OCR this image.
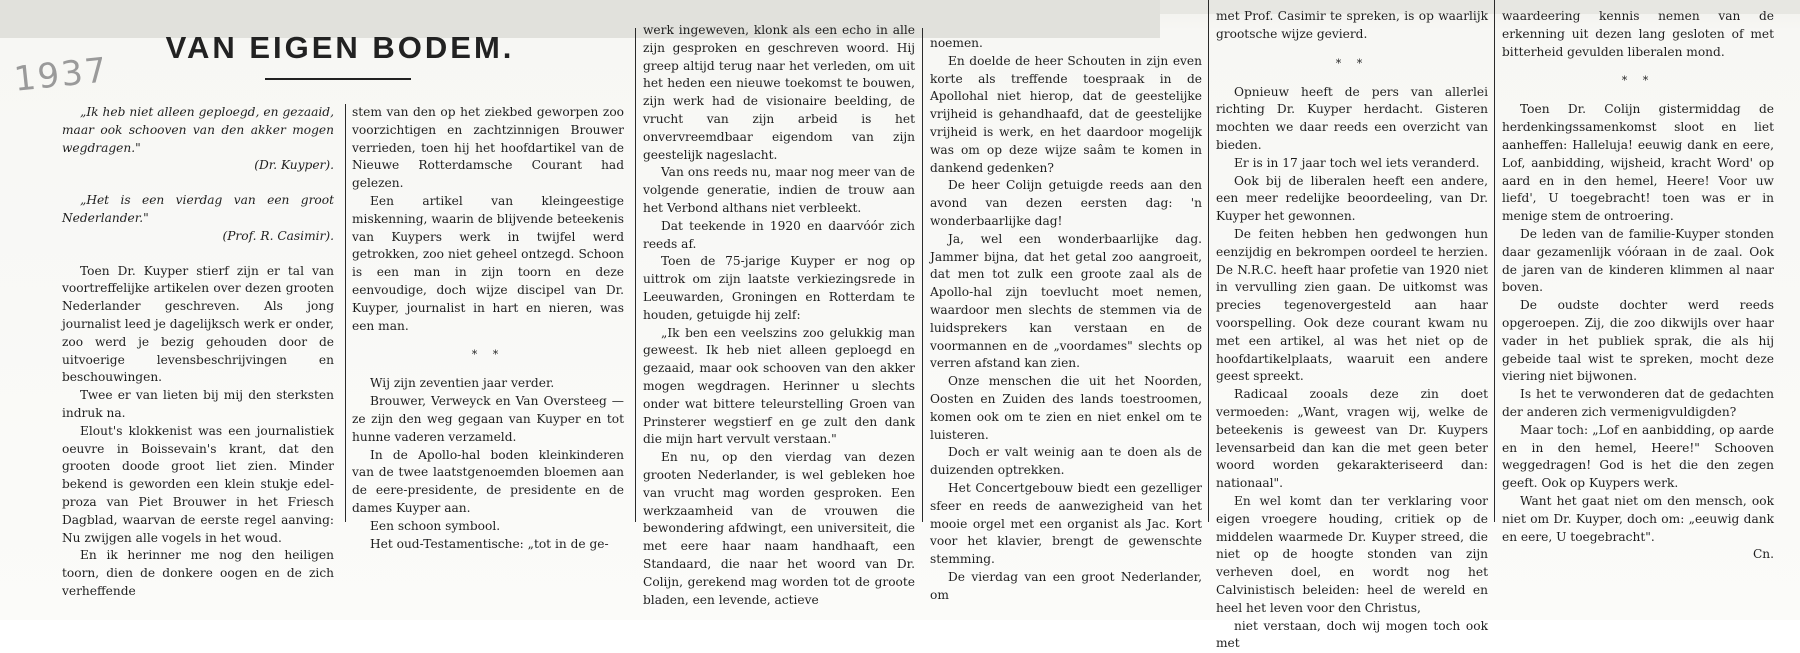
1937
VAN EIGEN BODEM.

„Ik heb niet alleen geploegd, en gezaaid, maar ook schooven van den akker mogen wegdragen."

(Dr. Kuyper).

„Het is een vierdag van een groot Nederlander."

(Prof. R. Casimir).

Toen Dr. Kuyper stierf zijn er tal van voortreffelijke artikelen over dezen grooten Nederlander geschreven. Als jong journalist leed je dagelijksch werk er onder, zoo werd je bezig gehouden door de uitvoerige levensbeschrijvingen en beschouwingen.

Twee er van lieten bij mij den sterksten indruk na.

Elout's klokkenist was een journalistiek oeuvre in Boissevain's krant, dat den grooten doode groot liet zien. Minder bekend is geworden een klein stukje edel-proza van Piet Brouwer in het Friesch Dagblad, waarvan de eerste regel aanving: Nu zwijgen alle vogels in het woud.

En ik herinner me nog den heiligen toorn, dien de donkere oogen en de zich verheffende

stem van den op het ziekbed geworpen zoo voorzichtigen en zachtzinnigen Brouwer verrieden, toen hij het hoofdartikel van de Nieuwe Rotterdamsche Courant had gelezen.

Een artikel van kleingeestige miskenning, waarin de blijvende beteekenis van Kuypers werk in twijfel werd getrokken, zoo niet geheel ontzegd. Schoon is een man in zijn toorn en deze eenvoudige, doch wijze discipel van Dr. Kuyper, journalist in hart en nieren, was een man.

* *

Wij zijn zeventien jaar verder.

Brouwer, Verweyck en Van Oversteeg — ze zijn den weg gegaan van Kuyper en tot hunne vaderen verzameld.

In de Apollo-hal boden kleinkinderen van de twee laatstgenoemden bloemen aan de eere-presidente, de presidente en de dames Kuyper aan.

Een schoon symbool.

Het oud-Testamentische: „tot in de ge-

werk ingeweven, klonk als een echo in alle zijn gesproken en geschreven woord. Hij greep altijd terug naar het verleden, om uit het heden een nieuwe toekomst te bouwen, zijn werk had de visionaire beelding, de vrucht van zijn arbeid is het onvervreemdbaar eigendom van zijn geestelijk nageslacht.

Van ons reeds nu, maar nog meer van de volgende generatie, indien de trouw aan het Verbond althans niet verbleekt.

Dat teekende in 1920 en daarvóór zich reeds af.

Toen de 75-jarige Kuyper er nog op uittrok om zijn laatste verkiezingsrede in Leeuwarden, Groningen en Rotterdam te houden, getuigde hij zelf:

„Ik ben een veelszins zoo gelukkig man geweest. Ik heb niet alleen geploegd en gezaaid, maar ook schooven van den akker mogen wegdragen. Herinner u slechts onder wat bittere teleurstelling Groen van Prinsterer wegstierf en ge zult den dank die mijn hart vervult verstaan."

En nu, op den vierdag van dezen grooten Nederlander, is wel gebleken hoe van vrucht mag worden gesproken. Een werkzaamheid van de vrouwen die bewondering afdwingt, een universiteit, die met eere haar naam handhaaft, een Standaard, die naar het woord van Dr. Colijn, gerekend mag worden tot de groote bladen, een levende, actieve

noemen.

En doelde de heer Schouten in zijn even korte als treffende toespraak in de Apollohal niet hierop, dat de geestelijke vrijheid is gehandhaafd, dat de geestelijke vrijheid is werk, en het daardoor mogelijk was om op deze wijze saâm te komen in dankend gedenken?

De heer Colijn getuigde reeds aan den avond van dezen eersten dag: 'n wonderbaarlijke dag!

Ja, wel een wonderbaarlijke dag. Jammer bijna, dat het getal zoo aangroeit, dat men tot zulk een groote zaal als de Apollo-hal zijn toevlucht moet nemen, waardoor men slechts de stemmen via de luidsprekers kan verstaan en de voormannen en de „voordames" slechts op verren afstand kan zien.

Onze menschen die uit het Noorden, Oosten en Zuiden des lands toestroomen, komen ook om te zien en niet enkel om te luisteren.

Doch er valt weinig aan te doen als de duizenden optrekken.

Het Concertgebouw biedt een gezelliger sfeer en reeds de aanwezigheid van het mooie orgel met een organist als Jac. Kort voor het klavier, brengt de gewenschte stemming.

De vierdag van een groot Nederlander, om

met Prof. Casimir te spreken, is op waarlijk grootsche wijze gevierd.

* *

Opnieuw heeft de pers van allerlei richting Dr. Kuyper herdacht. Gisteren mochten we daar reeds een overzicht van bieden.

Er is in 17 jaar toch wel iets veranderd.

Ook bij de liberalen heeft een andere, een meer redelijke beoordeeling, van Dr. Kuyper het gewonnen.

De feiten hebben hen gedwongen hun eenzijdig en bekrompen oordeel te herzien. De N.R.C. heeft haar profetie van 1920 niet in vervulling zien gaan. De uitkomst was precies tegenovergesteld aan haar voorspelling. Ook deze courant kwam nu met een artikel, al was het niet op de hoofdartikelplaats, waaruit een andere geest spreekt.

Radicaal zooals deze zin doet vermoeden: „Want, vragen wij, welke de beteekenis is geweest van Dr. Kuypers levensarbeid dan kan die met geen beter woord worden gekarakteriseerd dan: nationaal".

En wel komt dan ter verklaring voor eigen vroegere houding, critiek op de middelen waarmede Dr. Kuyper streed, die niet op de hoogte stonden van zijn verheven doel, en wordt nog het Calvinistisch beleiden: heel de wereld en heel het leven voor den Christus,

niet verstaan, doch wij mogen toch ook met

waardeering kennis nemen van de erkenning uit dezen lang gesloten of met bitterheid gevulden liberalen mond.

* *

Toen Dr. Colijn gistermiddag de herdenkingssamenkomst sloot en liet aanheffen: Halleluja! eeuwig dank en eere, Lof, aanbidding, wijsheid, kracht Word' op aard en in den hemel, Heere! Voor uw liefd', U toegebracht! toen was er in menige stem de ontroering.

De leden van de familie-Kuyper stonden daar gezamenlijk vóóraan in de zaal. Ook de jaren van de kinderen klimmen al naar boven.

De oudste dochter werd reeds opgeroepen. Zij, die zoo dikwijls over haar vader in het publiek sprak, die als hij gebeide taal wist te spreken, mocht deze viering niet bijwonen.

Is het te verwonderen dat de gedachten der anderen zich vermenigvuldigden?

Maar toch: „Lof en aanbidding, op aarde en in den hemel, Heere!" Schooven weggedragen! God is het die den zegen geeft. Ook op Kuypers werk.

Want het gaat niet om den mensch, ook niet om Dr. Kuyper, doch om: „eeuwig dank en eere, U toegebracht".

Cn.
